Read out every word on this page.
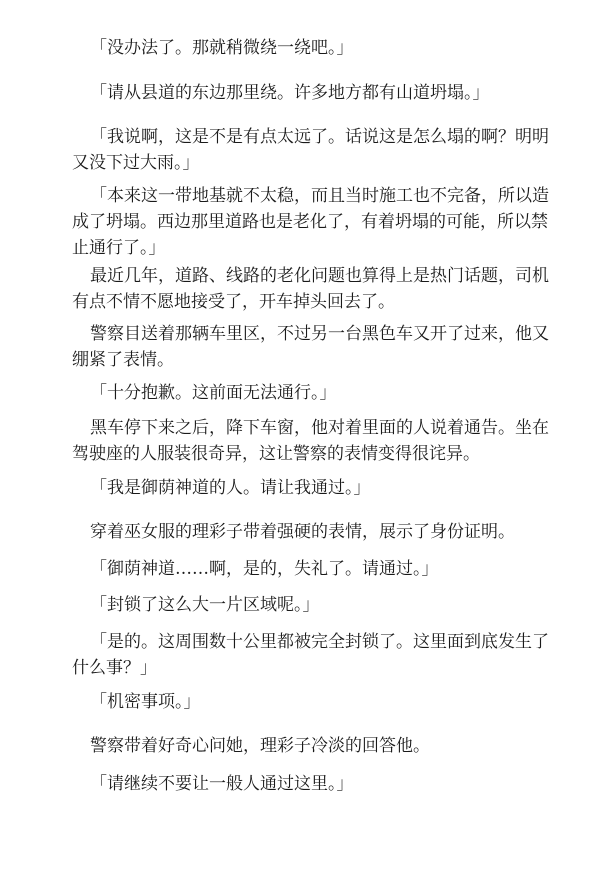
「没办法了。那就稍微绕一绕吧。」

「请从县道的东边那里绕。许多地方都有山道坍塌。」

「我说啊，这是不是有点太远了。话说这是怎么塌的啊？明明又没下过大雨。」

「本来这一带地基就不太稳，而且当时施工也不完备，所以造成了坍塌。西边那里道路也是老化了，有着坍塌的可能，所以禁止通行了。」

最近几年，道路、线路的老化问题也算得上是热门话题，司机有点不情不愿地接受了，开车掉头回去了。

警察目送着那辆车里区，不过另一台黑色车又开了过来，他又绷紧了表情。

「十分抱歉。这前面无法通行。」

黑车停下来之后，降下车窗，他对着里面的人说着通告。坐在驾驶座的人服装很奇异，这让警察的表情变得很诧异。

「我是御荫神道的人。请让我通过。」

穿着巫女服的理彩子带着强硬的表情，展示了身份证明。

「御荫神道……啊，是的，失礼了。请通过。」

「封锁了这么大一片区域呢。」

「是的。这周围数十公里都被完全封锁了。这里面到底发生了什么事？」

「机密事项。」

警察带着好奇心问她，理彩子冷淡的回答他。

「请继续不要让一般人通过这里。」
